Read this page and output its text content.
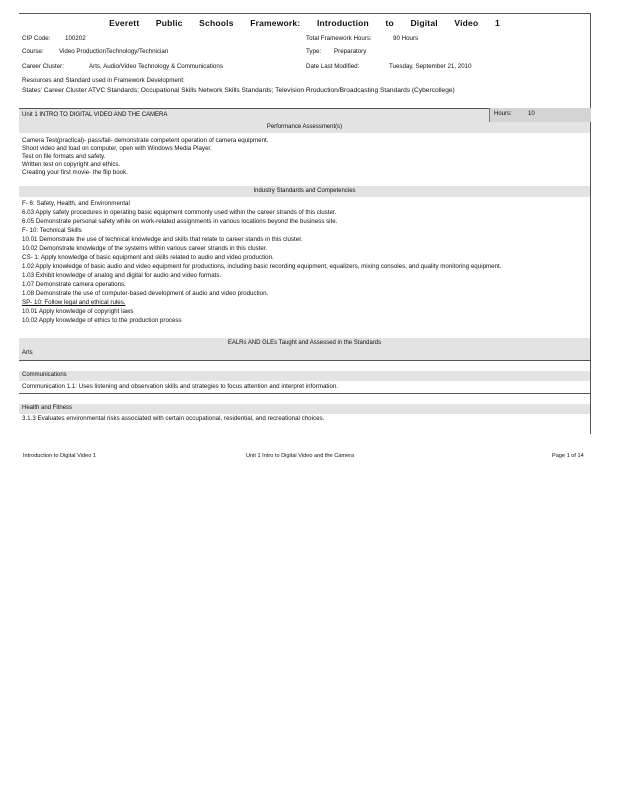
Everett Public Schools Framework: Introduction to Digital Video 1
CIP Code: 100202	Total Framework Hours:	90 Hours
Course: Video ProductionTechnology/Technician	Type: Preparatory
Career Cluster:	Arts, Audio/Video Technology & Communications	Date Last Modified:	Tuesday, September 21, 2010
Resources and Standard used in Framework Development:
States' Career Cluster ATVC Standards; Occupational Skills Network Skills Standards; Television Rroduction/Broadcasting Standards (Cybercollege)
Unit 1 INTRO TO DIGITAL VIDEO AND THE CAMERA	Hours:	10
Performance Assessment(s)
Camera Test(practical)- pass/fail- demonstrate competent operation of camera equipment.
Shoot video and load on computer, open with Windows Media Player.
Test on file formats and safety.
Written test on copyright and ethics.
Creating your first movie- the flip book.
Industry Standards and Competencies
F- 6: Safety, Health, and Environmental
6.03 Apply safety procedures in operating basic equipment commonly used within the career strands of this cluster.
6.05 Demonstrate personal safety while on work-related assignments in various locations beyond the business site.
F- 10: Technical Skills
10.01 Demonstrate the use of technical knowledge and skills that relate to career stands in this cluster.
10.02 Demonstrate knowledge of the systems within various career strands in this cluster.
CS- 1: Apply knowledge of basic equipment and skills related to audio and video production.
1.02 Apply knowledge of basic audio and video equipment for productions, including basic recording equipment, equalizers, mixing consoles, and quality monitoring equipment.
1.03 Exhibit knowledge of analog and digital for audio and video formats.
1.07 Demonstrate camera operations.
1.08 Demonstrate the use of computer-based development of audio and video production.
SP- 10: Follow legal and ethical rules.
10.01 Apply knowledge of copyright laws
10.02 Apply knowledge of ethics to the production process
EALRs AND GLEs Taught and Assessed in the Standards
Arts
Communications
Communication 1.1: Uses listening and observation skills and strategies to focus attention and interpret information.
Health and Fitness
3.1.3 Evaluates environmental risks associated with certain occupational, residential, and recreational choices.
Introduction to Digital Video 1	Unit 1 Intro to Digital Video and the Camera	Page 1 of 14
